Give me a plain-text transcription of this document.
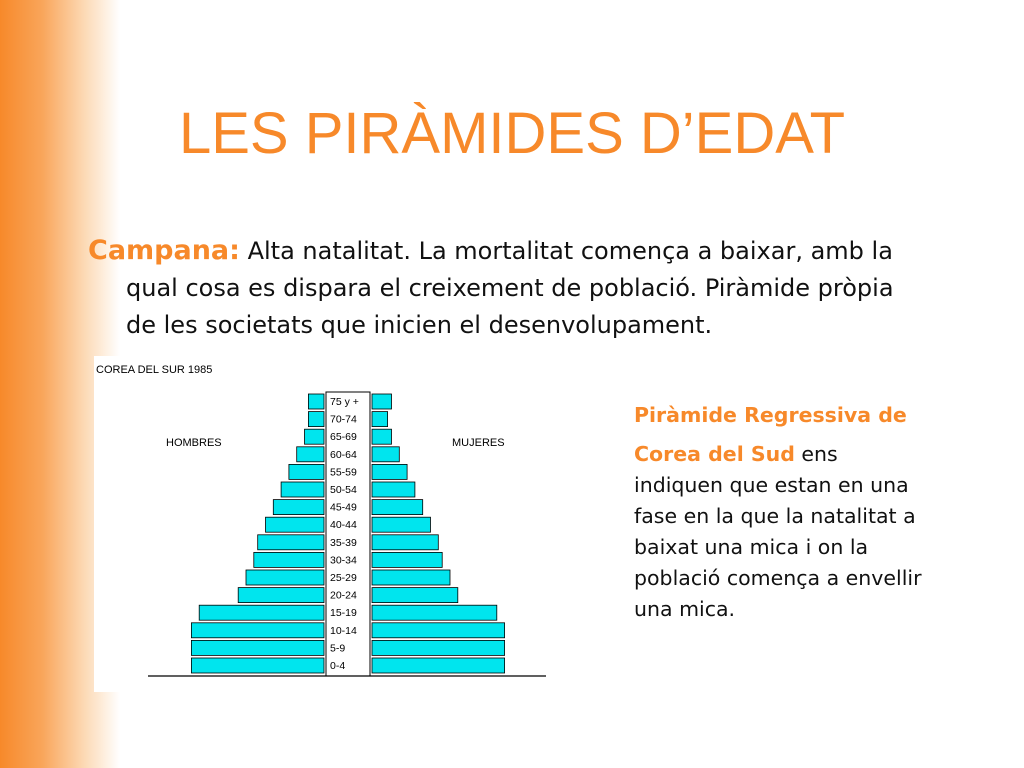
LES PIRÀMIDES D’EDAT
Campana: Alta natalitat. La mortalitat comença a baixar, amb la
qual cosa es dispara el creixement de població. Piràmide pròpia
de les societats que inicien el desenvolupament.
COREA DEL SUR 1985
HOMBRES	MUJERES
75 y +
70-74
65-69
60-64
55-59
50-54
45-49
40-44
35-39
30-34
25-29
20-24
15-19
10-14
5-9
0-4
Piràmide Regressiva de
Corea del Sud ens
indiquen que estan en una
fase en la que la natalitat a
baixat una mica i on la
població comença a envellir
una mica.
